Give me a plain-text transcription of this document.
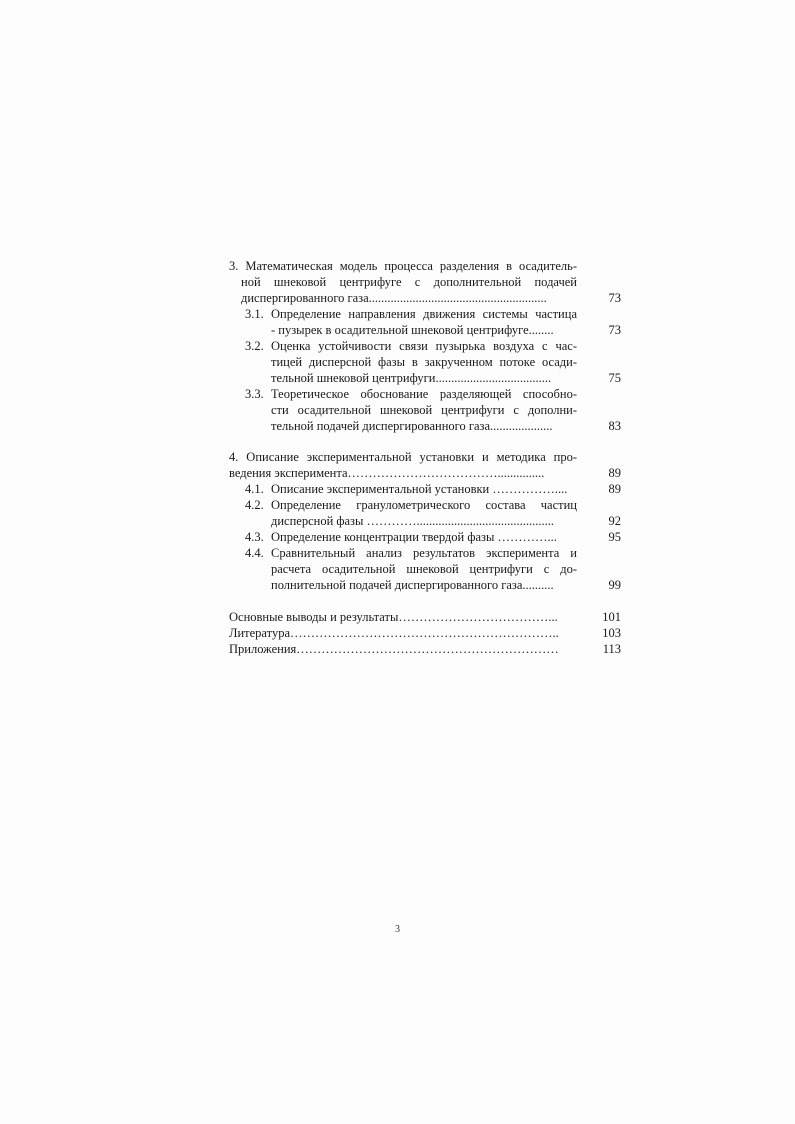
3. Математическая модель процесса разделения в осадитель-
ной шнековой центрифуге с дополнительной подачей
диспергированного газа.........................................................	73
3.1. Определение направления движения системы частица
- пузырек в осадительной шнековой центрифуге........	73
3.2. Оценка устойчивости связи пузырька воздуха с час-
тицей дисперсной фазы в закрученном потоке осади-
тельной шнековой центрифуги.....................................	75
3.3. Теоретическое обоснование разделяющей способно-
сти осадительной шнековой центрифуги с дополни-
тельной подачей диспергированного газа....................	83
4. Описание экспериментальной установки и методика про-
ведения эксперимента………………………………...............	89
4.1. Описание экспериментальной установки ……………....	89
4.2. Определение гранулометрического состава частиц
дисперсной фазы …………............................................	92
4.3. Определение концентрации твердой фазы …………...	95
4.4. Сравнительный анализ результатов эксперимента и
расчета осадительной шнековой центрифуги с до-
полнительной подачей диспергированного газа..........	99
Основные выводы и результаты………………………………...	101
Литература………………………………………………………..	103
Приложения………………………………………………………	113
3
